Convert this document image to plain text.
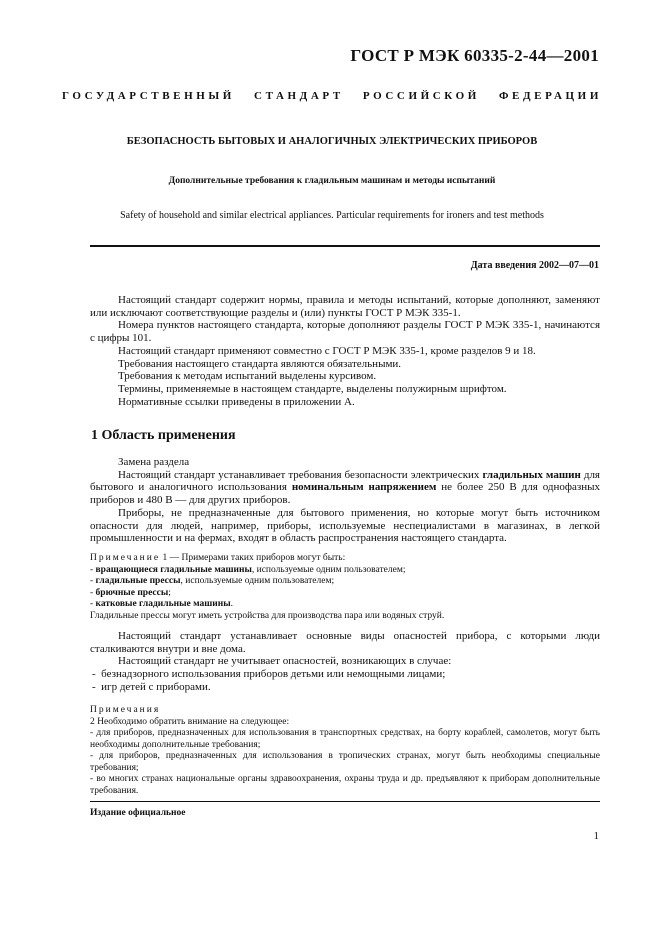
ГОСТ Р МЭК 60335-2-44—2001
ГОСУДАРСТВЕННЫЙ СТАНДАРТ РОССИЙСКОЙ ФЕДЕРАЦИИ
БЕЗОПАСНОСТЬ БЫТОВЫХ И АНАЛОГИЧНЫХ ЭЛЕКТРИЧЕСКИХ ПРИБОРОВ
Дополнительные требования к гладильным машинам и методы испытаний
Safety of household and similar electrical appliances. Particular requirements for ironers and test methods
Дата введения 2002—07—01

Настоящий стандарт содержит нормы, правила и методы испытаний, которые дополняют, заменяют или исключают соответствующие разделы и (или) пункты ГОСТ Р МЭК 335-1.

Номера пунктов настоящего стандарта, которые дополняют разделы ГОСТ Р МЭК 335-1, начинаются с цифры 101.

Настоящий стандарт применяют совместно с ГОСТ Р МЭК 335-1, кроме разделов 9 и 18.

Требования настоящего стандарта являются обязательными.

Требования к методам испытаний выделены курсивом.

Термины, применяемые в настоящем стандарте, выделены полужирным шрифтом.

Нормативные ссылки приведены в приложении А.

1 Область применения

Замена раздела

Настоящий стандарт устанавливает требования безопасности электрических гладильных машин для бытового и аналогичного использования номинальным напряжением не более 250 В для однофазных приборов и 480 В — для других приборов.

Приборы, не предназначенные для бытового применения, но которые могут быть источником опасности для людей, например, приборы, используемые неспециалистами в магазинах, в легкой промышленности и на фермах, входят в область распространения настоящего стандарта.

Примечание 1 — Примерами таких приборов могут быть:

- вращающиеся гладильные машины, используемые одним пользователем;

- гладильные прессы, используемые одним пользователем;

- брючные прессы;

- катковые гладильные машины.

Гладильные прессы могут иметь устройства для производства пара или водяных струй.

Настоящий стандарт устанавливает основные виды опасностей прибора, с которыми люди сталкиваются внутри и вне дома.

Настоящий стандарт не учитывает опасностей, возникающих в случае:

-  безнадзорного использования приборов детьми или немощными лицами;

-  игр детей с приборами.

Примечания

2 Необходимо обратить внимание на следующее:

- для приборов, предназначенных для использования в транспортных средствах, на борту кораблей, самолетов, могут быть необходимы дополнительные требования;

- для приборов, предназначенных для использования в тропических странах, могут быть необходимы специальные требования;

- во многих странах национальные органы здравоохранения, охраны труда и др. предъявляют к приборам дополнительные требования.

Издание официальное
1
